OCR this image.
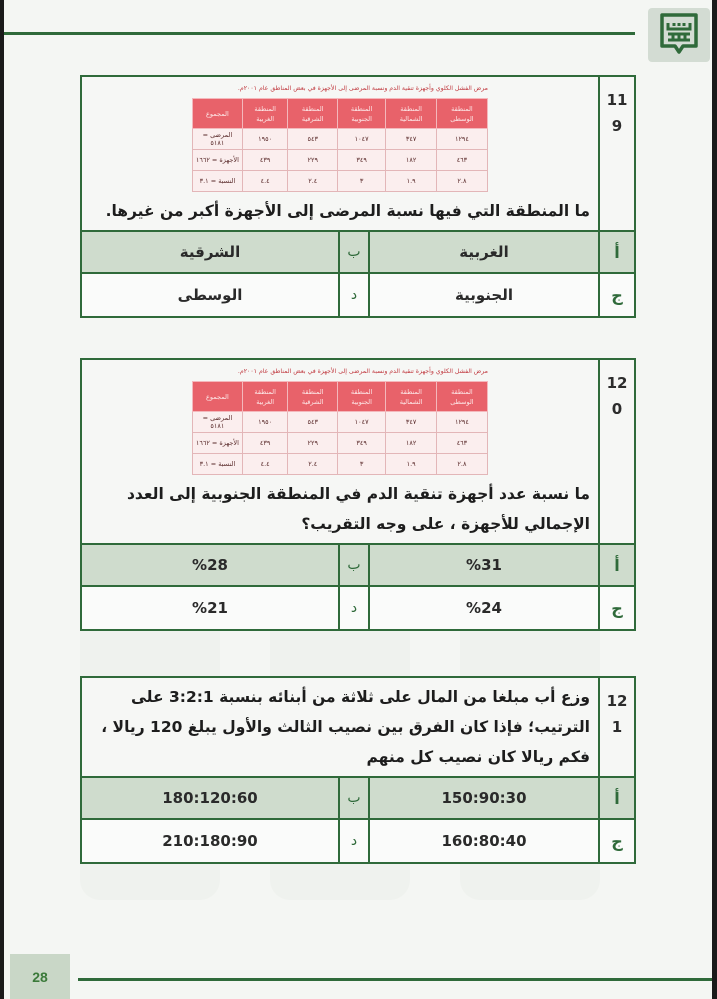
11
9
مرض الفشل الكلوي وأجهزة تنقية الدم ونسبة المرضى إلى الأجهزة في بعض المناطق عام ٢٠٠١م.
المنطقة الوسطى	المنطقة الشمالية	المنطقة الجنوبية	المنطقة الشرقية	المنطقة الغربية	المجموع
١٢٩٤	٣٤٧	١٠٤٧	٥٤٣	١٩٥٠	المرضى = ٥١٨١
٤٦٣	١٨٢	٣٤٩	٢٢٩	٤٣٩	الأجهزة = ١٦٦٢
٢.٨	١.٩	٣	٢.٤	٤.٤	النسبة = ٣.١
ما المنطقة التي فيها نسبة المرضى إلى الأجهزة أكبر من غيرها.
أ
الغربية
ب
الشرقية
ج
الجنوبية
د
الوسطى
12
0
مرض الفشل الكلوي وأجهزة تنقية الدم ونسبة المرضى إلى الأجهزة في بعض المناطق عام ٢٠٠١م.
المنطقة الوسطى	المنطقة الشمالية	المنطقة الجنوبية	المنطقة الشرقية	المنطقة الغربية	المجموع
١٢٩٤	٣٤٧	١٠٤٧	٥٤٣	١٩٥٠	المرضى = ٥١٨١
٤٦٣	١٨٢	٣٤٩	٢٢٩	٤٣٩	الأجهزة = ١٦٦٢
٢.٨	١.٩	٣	٢.٤	٤.٤	النسبة = ٣.١
ما نسبة عدد أجهزة تنقية الدم في المنطقة الجنوبية إلى العدد الإجمالي للأجهزة ، على وجه التقريب؟
أ
%31
ب
%28
ج
%24
د
%21
12
1
وزع أب مبلغا من المال على ثلاثة من أبنائه بنسبة 3:2:1 على الترتيب؛ فإذا كان الفرق بين نصيب الثالث والأول يبلغ 120 ريالا ، فكم ريالا كان نصيب كل منهم
أ
150:90:30
ب
180:120:60
ج
160:80:40
د
210:180:90
28
